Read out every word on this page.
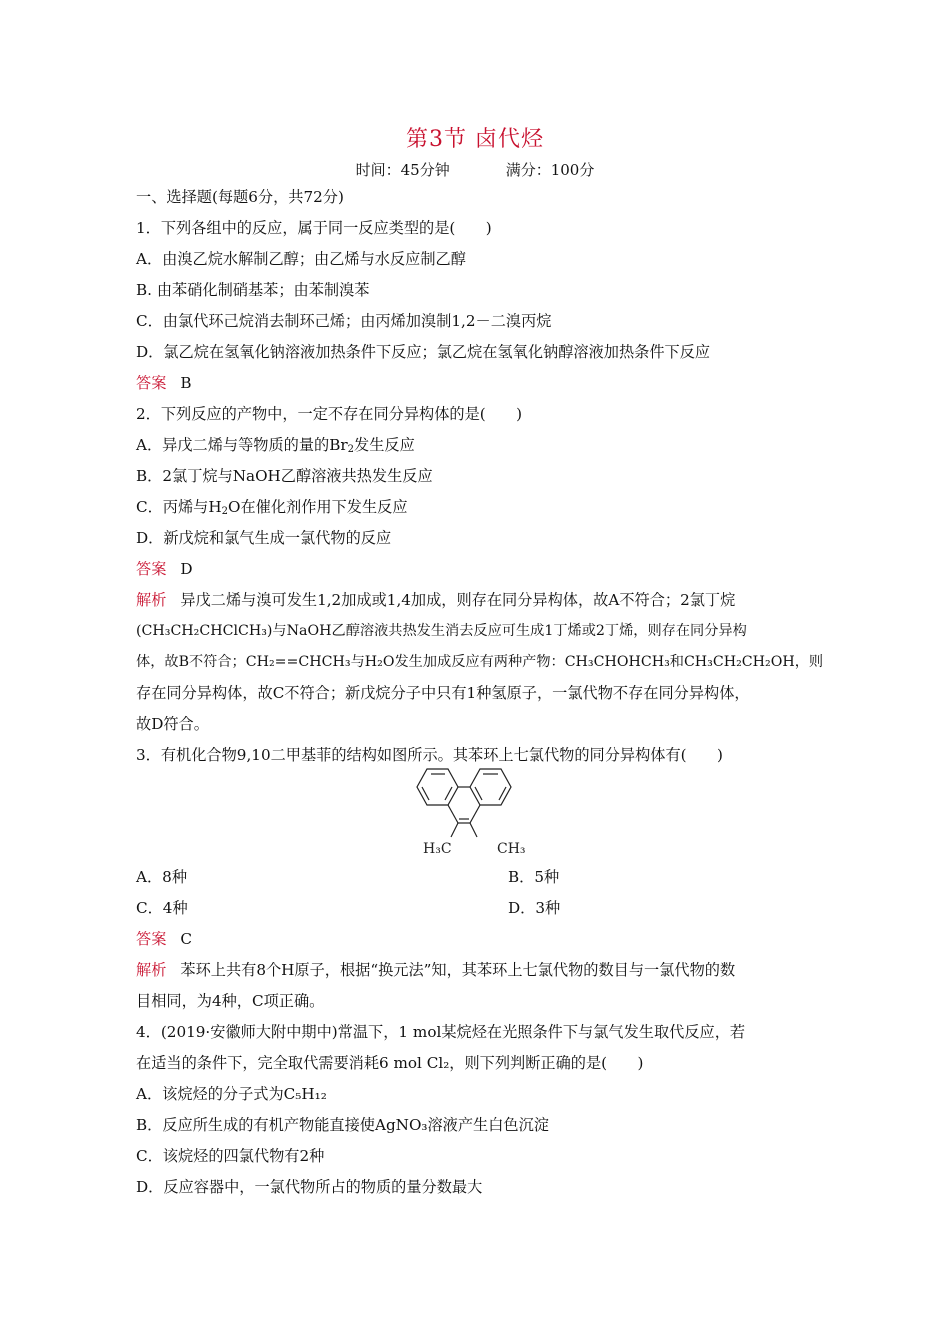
第3节 卤代烃
时间：45分钟	满分：100分
一、选择题(每题6分，共72分)
1．下列各组中的反应，属于同一反应类型的是(　　)
A．由溴乙烷水解制乙醇；由乙烯与水反应制乙醇
B. 由苯硝化制硝基苯；由苯制溴苯
C．由氯代环己烷消去制环己烯；由丙烯加溴制1,2－二溴丙烷
D．氯乙烷在氢氧化钠溶液加热条件下反应；氯乙烷在氢氧化钠醇溶液加热条件下反应
答案 B
2．下列反应的产物中，一定不存在同分异构体的是(　　)
A．异戊二烯与等物质的量的$Br_2$发生反应
B．2氯丁烷与NaOH乙醇溶液共热发生反应
C．丙烯与$H_2O$在催化剂作用下发生反应
D．新戊烷和氯气生成一氯代物的反应
答案 D
解析 异戊二烯与溴可发生1,2加成或1,4加成，则存在同分异构体，故A不符合；2氯丁烷
(CH₃CH₂CHClCH₃)与NaOH乙醇溶液共热发生消去反应可生成1丁烯或2丁烯，则存在同分异构
体，故B不符合；CH₂==CHCH₃与H₂O发生加成反应有两种产物：CH₃CHOHCH₃和CH₃CH₂CH₂OH，则
存在同分异构体，故C不符合；新戊烷分子中只有1种氢原子，一氯代物不存在同分异构体，
故D符合。
3．有机化合物9,10二甲基菲的结构如图所示。其苯环上七氯代物的同分异构体有(　　)
H₃C	CH₃
A．8种	B．5种
C．4种	D．3种
答案 C
解析 苯环上共有8个H原子，根据“换元法”知，其苯环上七氯代物的数目与一氯代物的数
目相同，为4种，C项正确。
4．(2019·安徽师大附中期中)常温下，1 mol某烷烃在光照条件下与氯气发生取代反应，若
在适当的条件下，完全取代需要消耗6 mol Cl₂，则下列判断正确的是(　　)
A．该烷烃的分子式为C₅H₁₂
B．反应所生成的有机产物能直接使AgNO₃溶液产生白色沉淀
C．该烷烃的四氯代物有2种
D．反应容器中，一氯代物所占的物质的量分数最大
